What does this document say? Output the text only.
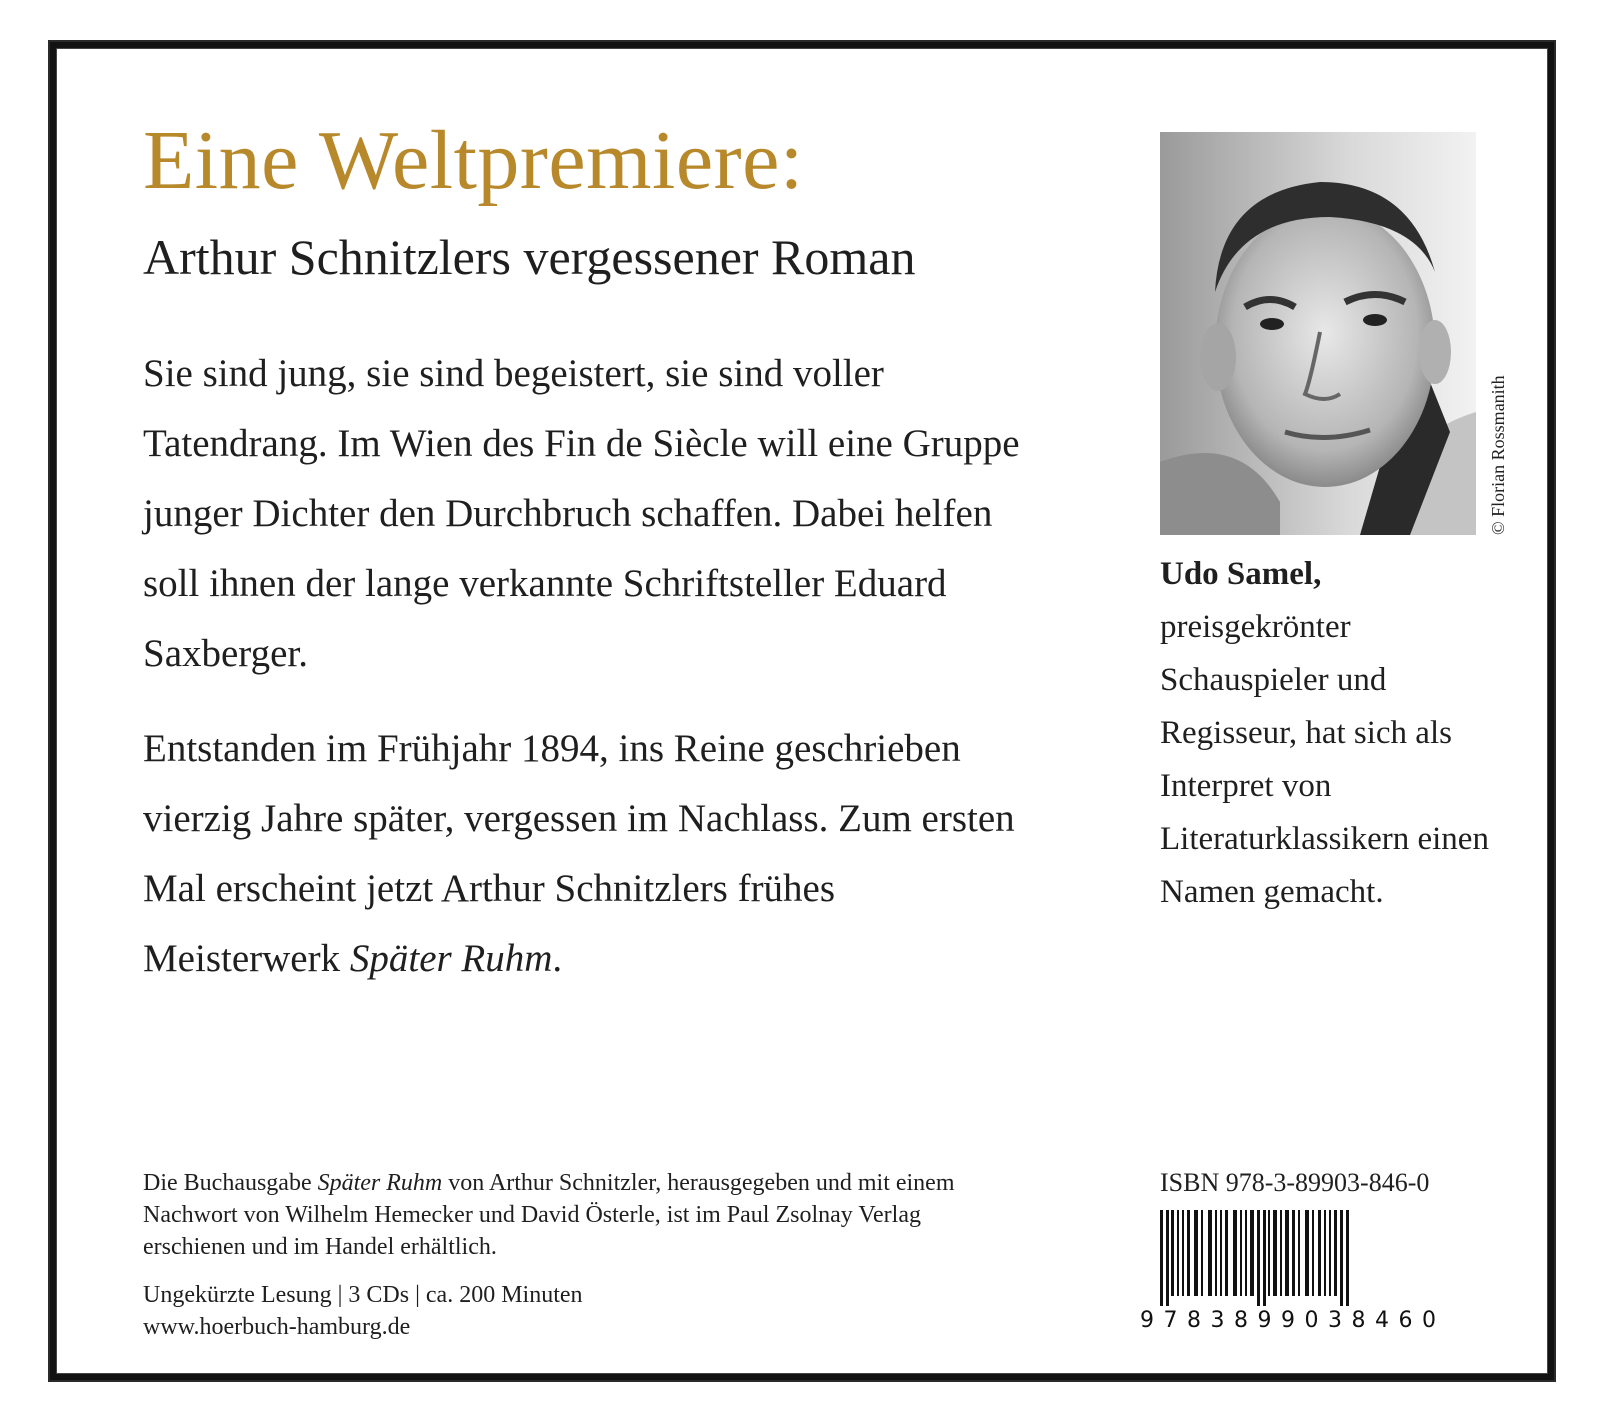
Eine Weltpremiere:
Arthur Schnitzlers vergessener Roman

Sie sind jung, sie sind begeistert, sie sind voller Tatendrang. Im Wien des Fin de Siècle will eine Gruppe junger Dichter den Durchbruch schaffen. Dabei helfen soll ihnen der lange verkannte Schriftsteller Eduard Saxberger.

Entstanden im Frühjahr 1894, ins Reine geschrieben vierzig Jahre später, vergessen im Nachlass. Zum ersten Mal erscheint jetzt Arthur Schnitzlers frühes Meisterwerk Später Ruhm.

© Florian Rossmanith

Udo Samel, preisgekrönter Schauspieler und Regisseur, hat sich als Interpret von Literaturklassikern einen Namen gemacht.

Die Buchausgabe Später Ruhm von Arthur Schnitzler, herausgegeben und mit einem Nachwort von Wilhelm Hemecker und David Österle, ist im Paul Zsolnay Verlag erschienen und im Handel erhältlich.

Ungekürzte Lesung | 3 CDs | ca. 200 Minuten
www.hoerbuch-hamburg.de
ISBN 978-3-89903-846-0
9783899038460
